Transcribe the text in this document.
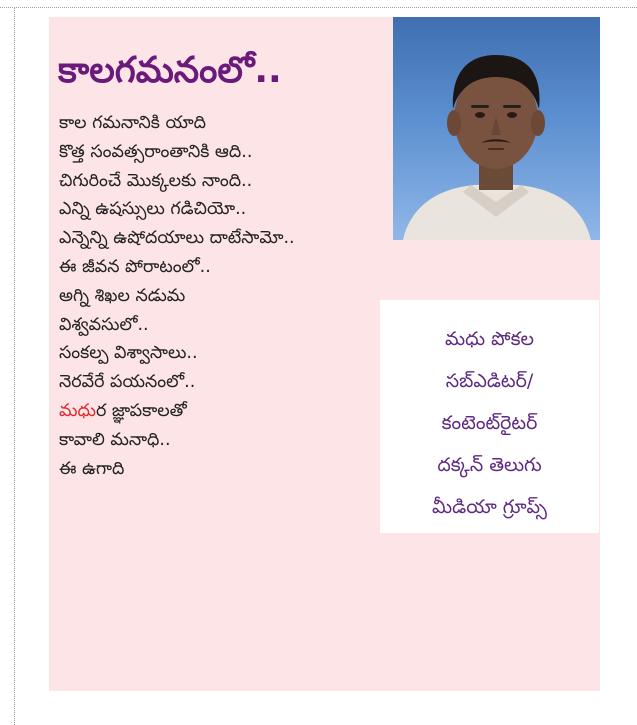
కాలగమనంలో..
కాల గమనానికి యాది
కొత్త సంవత్సరాంతానికి ఆది..
చిగురించే మొక్కలకు నాంది..
ఎన్ని ఉషస్సులు గడిచియో..
ఎన్నెన్ని ఉషోదయాలు దాటేసామో..
ఈ జీవన పోరాటంలో..
అగ్ని శిఖల నడుమ
విశ్వవసులో..
సంకల్ప విశ్వాసాలు..
నెరవేరే పయనంలో..
మధుర జ్ఞాపకాలతో
కావాలి మనాధి..
ఈ ఉగాది
మధు పోకల
సబ్ఎడిటర్/
కంటెంట్‌రైటర్
దక్కన్ తెలుగు
మీడియా గ్రూప్స్
